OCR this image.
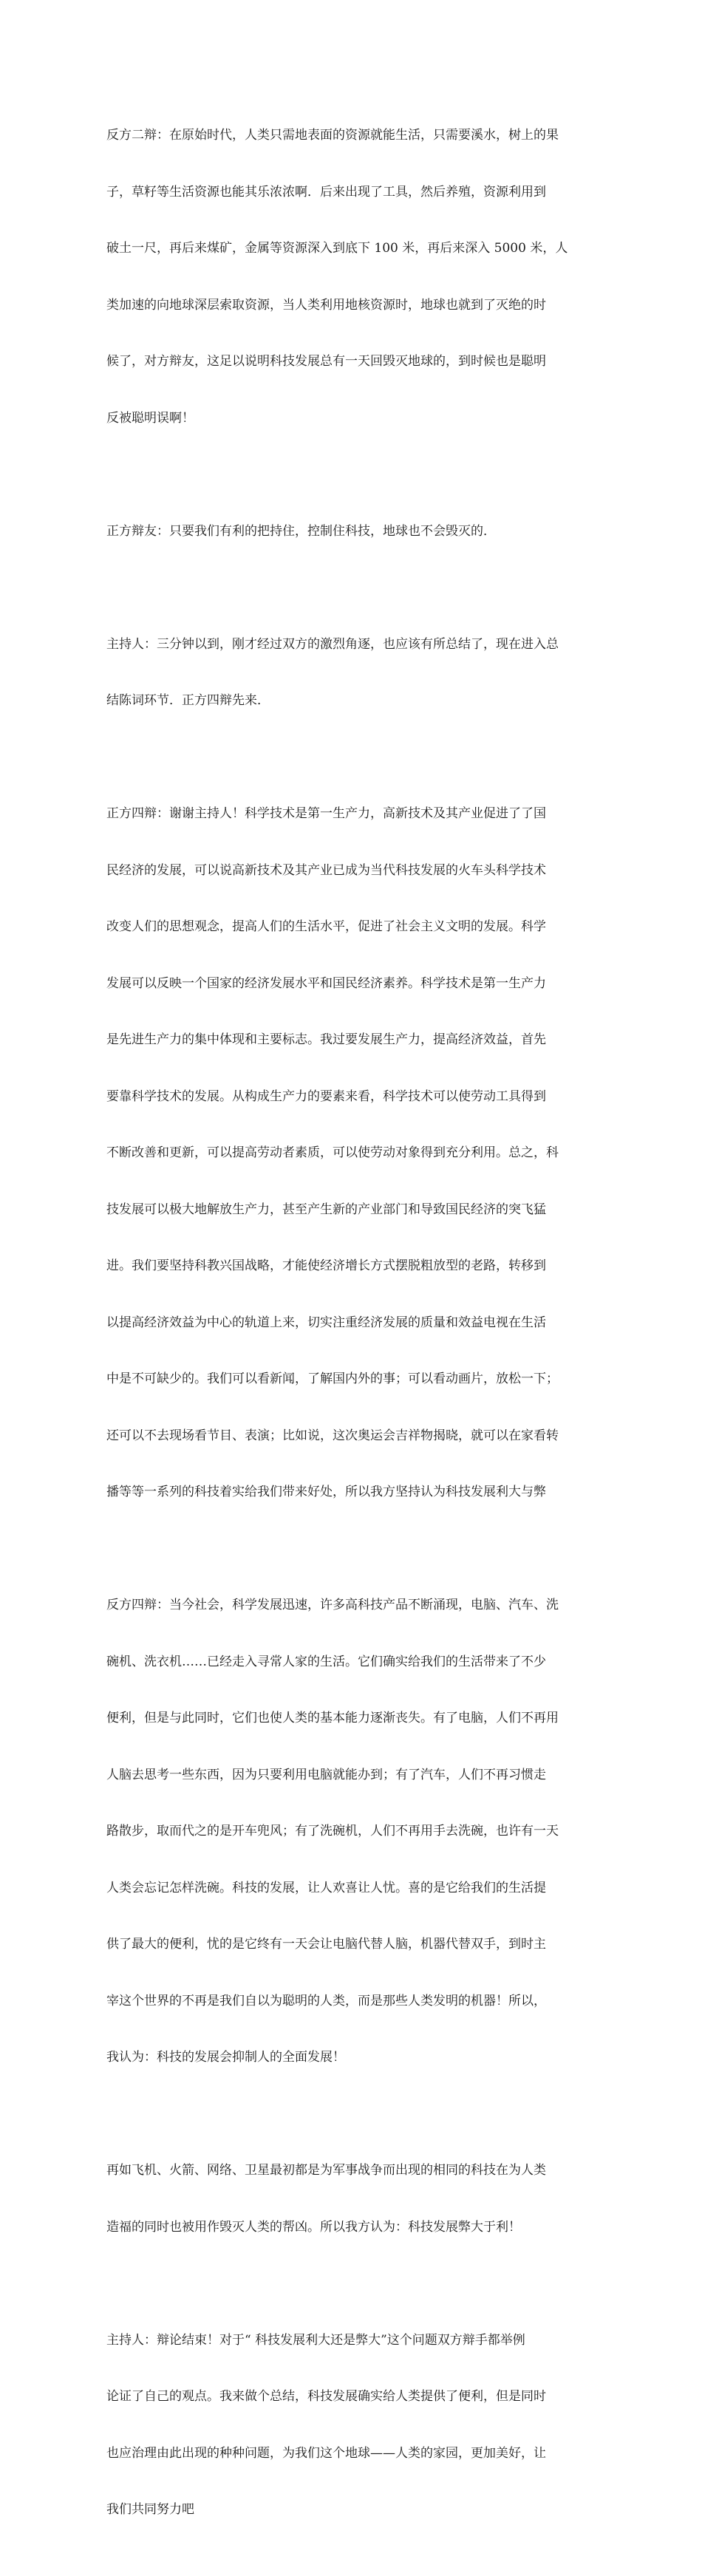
反方二辩：在原始时代，人类只需地表面的资源就能生活，只需要溪水，树上的果

子，草籽等生活资源也能其乐浓浓啊．后来出现了工具，然后养殖，资源利用到

破土一尺，再后来煤矿，金属等资源深入到底下 100 米，再后来深入 5000 米，人

类加速的向地球深层索取资源，当人类利用地核资源时，地球也就到了灭绝的时

候了，对方辩友，这足以说明科技发展总有一天回毁灭地球的，到时候也是聪明

反被聪明误啊！

正方辩友：只要我们有利的把持住，控制住科技，地球也不会毁灭的．

主持人：三分钟以到，刚才经过双方的激烈角逐，也应该有所总结了，现在进入总

结陈词环节．正方四辩先来．

正方四辩：谢谢主持人！科学技术是第一生产力，高新技术及其产业促进了了国

民经济的发展，可以说高新技术及其产业已成为当代科技发展的火车头科学技术

改变人们的思想观念，提高人们的生活水平，促进了社会主义文明的发展。科学

发展可以反映一个国家的经济发展水平和国民经济素养。科学技术是第一生产力

是先进生产力的集中体现和主要标志。我过要发展生产力，提高经济效益，首先

要靠科学技术的发展。从构成生产力的要素来看，科学技术可以使劳动工具得到

不断改善和更新，可以提高劳动者素质，可以使劳动对象得到充分利用。总之，科

技发展可以极大地解放生产力，甚至产生新的产业部门和导致国民经济的突飞猛

进。我们要坚持科教兴国战略，才能使经济增长方式摆脱粗放型的老路，转移到

以提高经济效益为中心的轨道上来，切实注重经济发展的质量和效益电视在生活

中是不可缺少的。我们可以看新闻，了解国内外的事；可以看动画片，放松一下；

还可以不去现场看节目、表演；比如说，这次奥运会吉祥物揭晓，就可以在家看转

播等等一系列的科技着实给我们带来好处，所以我方坚持认为科技发展利大与弊

反方四辩：当今社会，科学发展迅速，许多高科技产品不断涌现，电脑、汽车、洗

碗机、洗衣机……已经走入寻常人家的生活。它们确实给我们的生活带来了不少

便利，但是与此同时，它们也使人类的基本能力逐渐丧失。有了电脑，人们不再用

人脑去思考一些东西，因为只要利用电脑就能办到；有了汽车，人们不再习惯走

路散步，取而代之的是开车兜风；有了洗碗机，人们不再用手去洗碗，也许有一天

人类会忘记怎样洗碗。科技的发展，让人欢喜让人忧。喜的是它给我们的生活提

供了最大的便利，忧的是它终有一天会让电脑代替人脑，机器代替双手，到时主

宰这个世界的不再是我们自以为聪明的人类，而是那些人类发明的机器！所以，

我认为：科技的发展会抑制人的全面发展！

再如飞机、火箭、网络、卫星最初都是为军事战争而出现的相同的科技在为人类

造福的同时也被用作毁灭人类的帮凶。所以我方认为：科技发展弊大于利！

主持人：辩论结束！对于“ 科技发展利大还是弊大”这个问题双方辩手都举例

论证了自己的观点。我来做个总结，科技发展确实给人类提供了便利，但是同时

也应治理由此出现的种种问题，为我们这个地球——人类的家园，更加美好，让

我们共同努力吧
